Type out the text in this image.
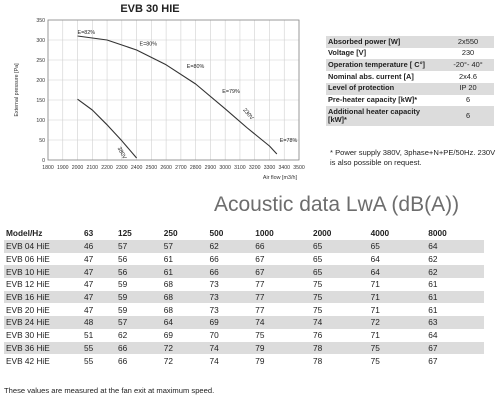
EVB 30 HIE
1800 1900 2000 2100 2200 2300 2400 2500 2600 2700 2800 2900 3000 3100 3200 3300 3400 3500
0
50
100
150
200
250
300
350
External pressure [Pa]
Air flow [m3/h]
230V
380V
E=82%
E=80%
E=80%
E=79%
E=78%
Absorbed power [W]	2x550
Voltage [V]	230
Operation temperature [ C°]	-20°- 40°
Nominal abs. current [A]	2x4.6
Level of protection	IP 20
Pre-heater capacity [kW]*	6
Additional heater capacity [kW]*	6
* Power supply 380V, 3phase+N+PE/50Hz. 230V is also possible on request.
Acoustic data LwA (dB(A))
Model/Hz	63	125	250	500	1000	2000	4000	8000
EVB 04 HiE	46	57	57	62	66	65	65	64
EVB 06 HiE	47	56	61	66	67	65	64	62
EVB 10 HiE	47	56	61	66	67	65	64	62
EVB 12 HiE	47	59	68	73	77	75	71	61
EVB 16 HiE	47	59	68	73	77	75	71	61
EVB 20 HiE	47	59	68	73	77	75	71	61
EVB 24 HiE	48	57	64	69	74	74	72	63
EVB 30 HiE	51	62	69	70	75	76	71	64
EVB 36 HiE	55	66	72	74	79	78	75	67
EVB 42 HiE	55	66	72	74	79	78	75	67
These values are measured at the fan exit at maximum speed.
